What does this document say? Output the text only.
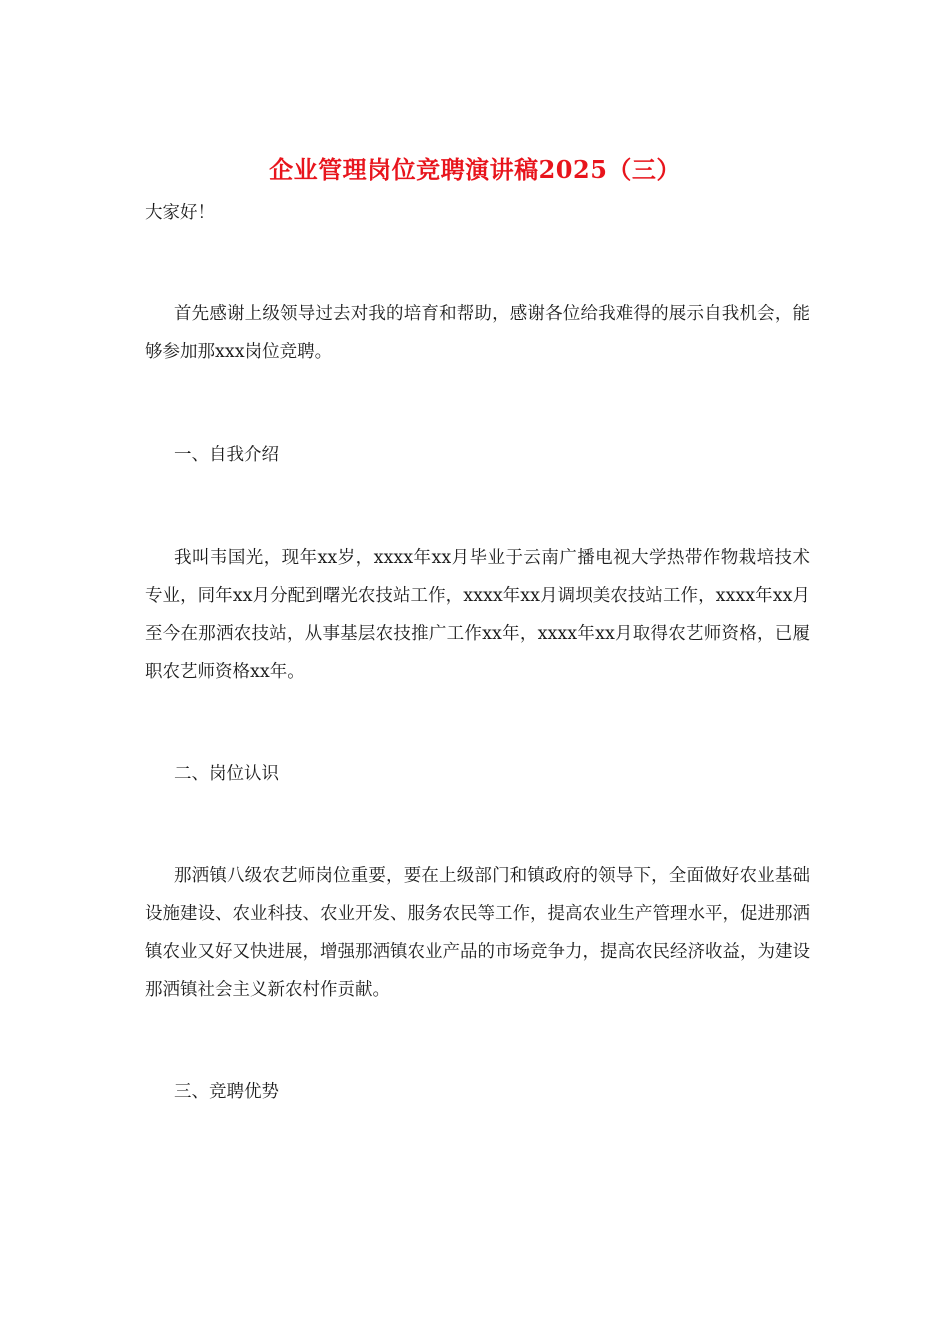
企业管理岗位竞聘演讲稿2025（三）
大家好！
首先感谢上级领导过去对我的培育和帮助，感谢各位给我难得的展示自我机会，能够参加那xxx岗位竞聘。
一、自我介绍
我叫韦国光，现年xx岁，xxxx年xx月毕业于云南广播电视大学热带作物栽培技术专业，同年xx月分配到曙光农技站工作，xxxx年xx月调坝美农技站工作，xxxx年xx月至今在那洒农技站，从事基层农技推广工作xx年，xxxx年xx月取得农艺师资格，已履职农艺师资格xx年。
二、岗位认识
那洒镇八级农艺师岗位重要，要在上级部门和镇政府的领导下，全面做好农业基础设施建设、农业科技、农业开发、服务农民等工作，提高农业生产管理水平，促进那洒镇农业又好又快进展，增强那洒镇农业产品的市场竞争力，提高农民经济收益，为建设那洒镇社会主义新农村作贡献。
三、竞聘优势
